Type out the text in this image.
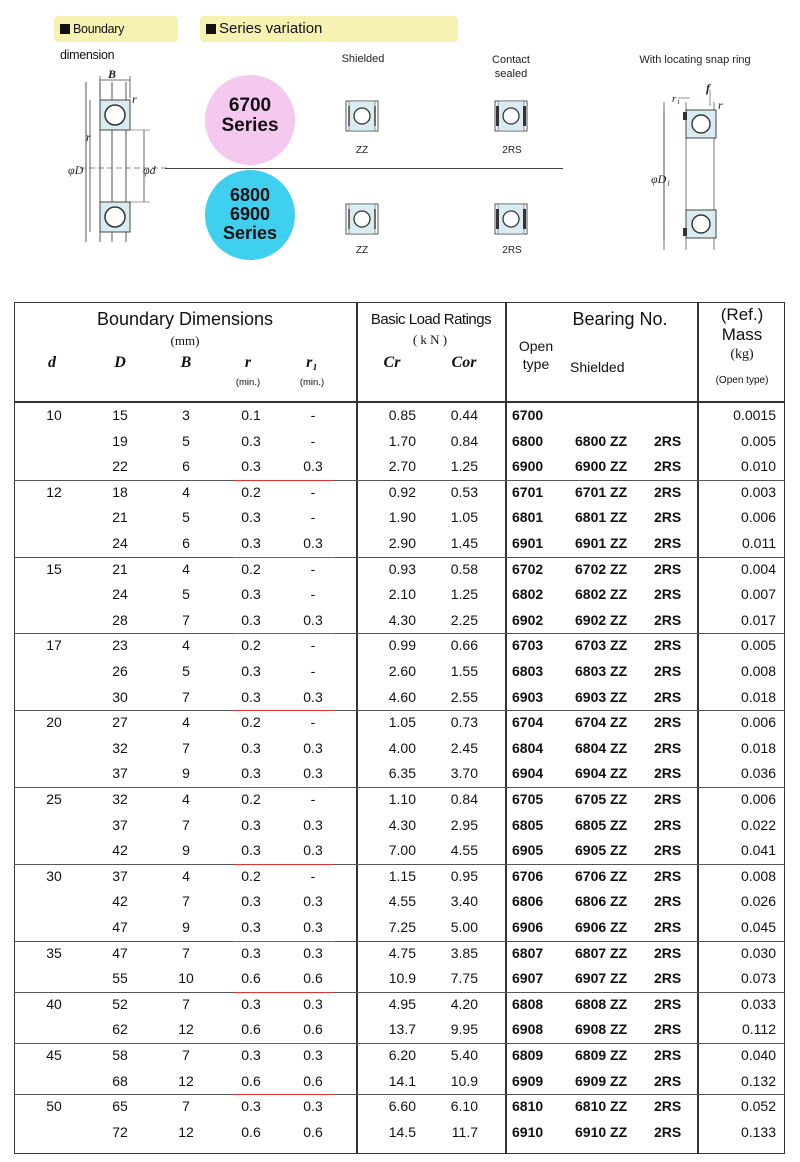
Boundary dimension
Series variation
B
r
r
φD	φd
6700
Series
6800
6900
Series
Shielded	Contact
sealed
With locating snap ring
ZZ	2RS
ZZ	2RS
f
r₁	r
φD₁
Boundary Dimensions
(mm)
d	D	B	r
(min.)
r₁
(min.)
Basic Load Ratings
( k N )
Cr	Cor
Bearing No.
Open
type	Shielded
(Ref.)
Mass
(kg)
(Open type)
10	15	3	0.1	-	0.85	0.44 6700	0.0015
19	5	0.3	-	1.70	0.84 6800	6800 ZZ	2RS	0.005
22	6	0.3	0.3	2.70	1.25 6900	6900 ZZ	2RS	0.010
12	18	4	0.2	-	0.92	0.53 6701	6701 ZZ	2RS	0.003
21	5	0.3	-	1.90	1.05 6801	6801 ZZ	2RS	0.006
24	6	0.3	0.3	2.90	1.45 6901	6901 ZZ	2RS	0.011
15	21	4	0.2	-	0.93	0.58 6702	6702 ZZ	2RS	0.004
24	5	0.3	-	2.10	1.25 6802	6802 ZZ	2RS	0.007
28	7	0.3	0.3	4.30	2.25 6902	6902 ZZ	2RS	0.017
17	23	4	0.2	-	0.99	0.66 6703	6703 ZZ	2RS	0.005
26	5	0.3	-	2.60	1.55 6803	6803 ZZ	2RS	0.008
30	7	0.3	0.3	4.60	2.55 6903	6903 ZZ	2RS	0.018
20	27	4	0.2	-	1.05	0.73 6704	6704 ZZ	2RS	0.006
32	7	0.3	0.3	4.00	2.45 6804	6804 ZZ	2RS	0.018
37	9	0.3	0.3	6.35	3.70 6904	6904 ZZ	2RS	0.036
25	32	4	0.2	-	1.10	0.84 6705	6705 ZZ	2RS	0.006
37	7	0.3	0.3	4.30	2.95 6805	6805 ZZ	2RS	0.022
42	9	0.3	0.3	7.00	4.55 6905	6905 ZZ	2RS	0.041
30	37	4	0.2	-	1.15	0.95 6706	6706 ZZ	2RS	0.008
42	7	0.3	0.3	4.55	3.40 6806	6806 ZZ	2RS	0.026
47	9	0.3	0.3	7.25	5.00 6906	6906 ZZ	2RS	0.045
35	47	7	0.3	0.3	4.75	3.85 6807	6807 ZZ	2RS	0.030
55	10	0.6	0.6	10.9	7.75 6907	6907 ZZ	2RS	0.073
40	52	7	0.3	0.3	4.95	4.20 6808	6808 ZZ	2RS	0.033
62	12	0.6	0.6	13.7	9.95 6908	6908 ZZ	2RS	0.112
45	58	7	0.3	0.3	6.20	5.40 6809	6809 ZZ	2RS	0.040
68	12	0.6	0.6	14.1	10.9 6909	6909 ZZ	2RS	0.132
50	65	7	0.3	0.3	6.60	6.10 6810	6810 ZZ	2RS	0.052
72	12	0.6	0.6	14.5	11.7 6910	6910 ZZ	2RS	0.133
